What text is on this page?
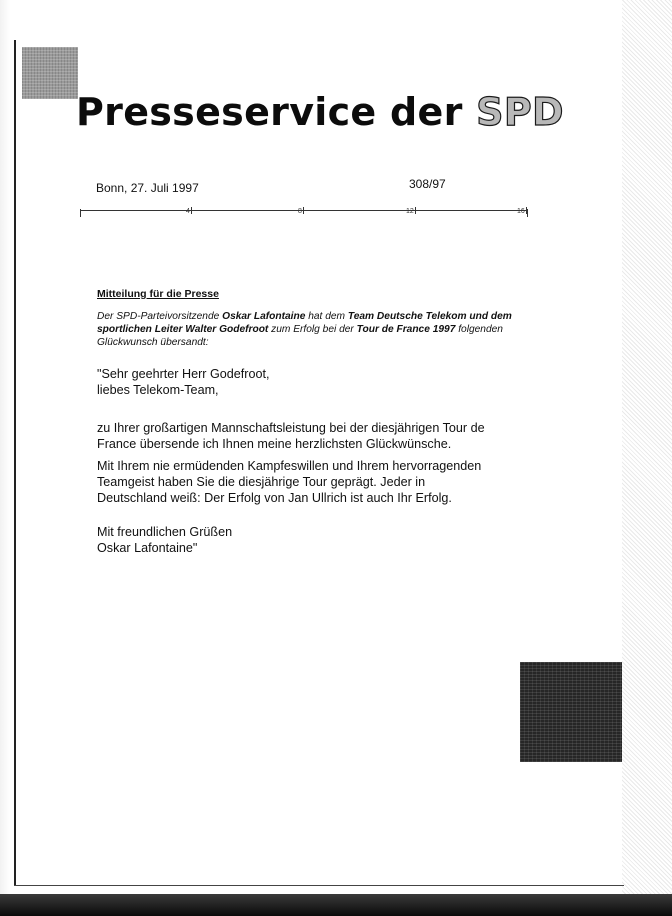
Presseservice der SPD
Bonn, 27. Juli 1997	308/97
4	8	12	16
Mitteilung für die Presse

Der SPD-Parteivorsitzende Oskar Lafontaine hat dem Team Deutsche Telekom und dem sportlichen Leiter Walter Godefroot zum Erfolg bei der Tour de France 1997 folgenden Glückwunsch übersandt:

"Sehr geehrter Herr Godefroot,
liebes Telekom-Team,

zu Ihrer großartigen Mannschaftsleistung bei der diesjährigen Tour de
France übersende ich Ihnen meine herzlichsten Glückwünsche.

Mit Ihrem nie ermüdenden Kampfeswillen und Ihrem hervorragenden
Teamgeist haben Sie die diesjährige Tour geprägt. Jeder in
Deutschland weiß: Der Erfolg von Jan Ullrich ist auch Ihr Erfolg.

Mit freundlichen Grüßen
Oskar Lafontaine"
